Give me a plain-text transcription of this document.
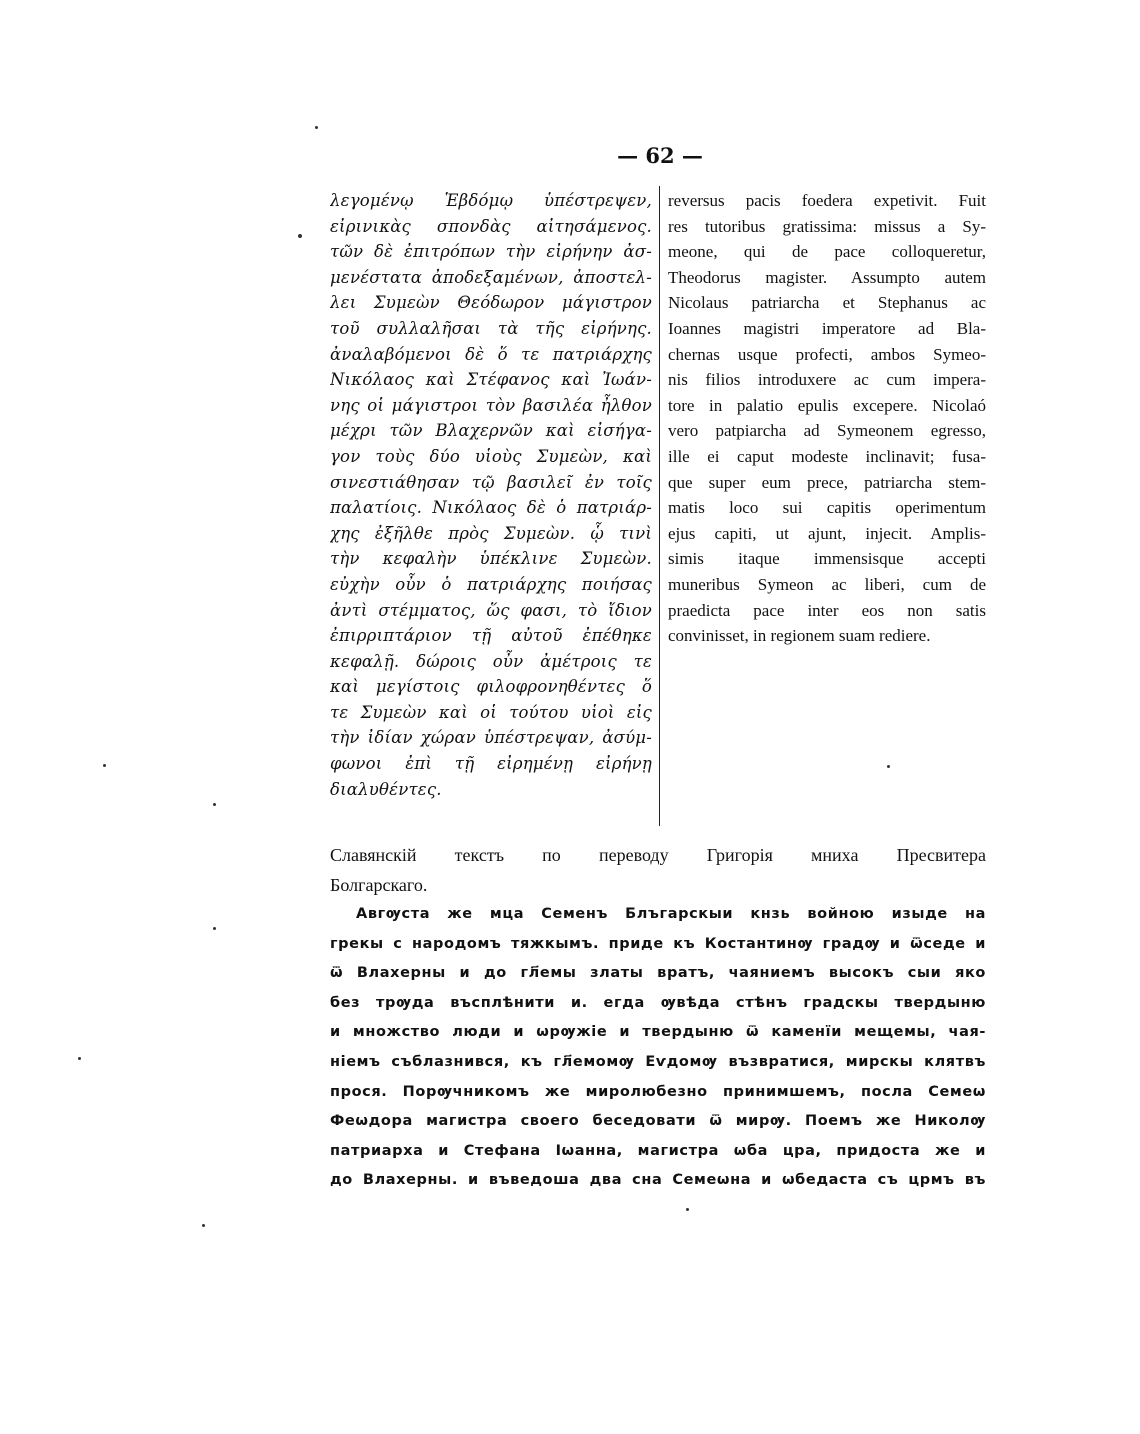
— 62 —
λεγομένῳ Ἑβδόμῳ ὑπέστρεψεν,
εἰρινικὰς σπονδὰς αἰτησάμενος.
τῶν δὲ ἐπιτρόπων τὴν εἰρήνην ἀσ-
μενέστατα ἀποδεξαμένων, ἀποστελ-
λει Συμεὼν Θεόδωρον μάγιστρον
τοῦ συλλαλῆσαι τὰ τῆς εἰρήνης.
ἀναλαβόμενοι δὲ ὅ τε πατριάρχης
Νικόλαος καὶ Στέφανος καὶ Ἰωάν-
νης οἱ μάγιστροι τὸν βασιλέα ἦλθον
μέχρι τῶν Βλαχερνῶν καὶ εἰσήγα-
γον τοὺς δύο υἱοὺς Συμεὼν, καὶ
σινεστιάθησαν τῷ βασιλεῖ ἐν τοῖς
παλατίοις. Νικόλαος δὲ ὁ πατριάρ-
χης ἐξῆλθε πρὸς Συμεὼν. ᾧ τινὶ
τὴν κεφαλὴν ὑπέκλινε Συμεὼν.
εὐχὴν οὖν ὁ πατριάρχης ποιήσας
ἀντὶ στέμματος, ὥς φασι, τὸ ἴδιον
ἐπιρριπτάριον τῇ αὐτοῦ ἐπέθηκε
κεφαλῇ. δώροις οὖν ἀμέτροις τε
καὶ μεγίστοις φιλοφρονηθέντες ὅ
τε Συμεὼν καὶ οἱ τούτου υἱοὶ εἰς
τὴν ἰδίαν χώραν ὑπέστρεψαν, ἀσύμ-
φωνοι ἐπὶ τῇ εἰρημένῃ εἰρήνῃ
διαλυθέντες.
reversus pacis foedera expetivit. Fuit
res tutoribus gratissima: missus a Sy-
meone, qui de pace colloqueretur,
Theodorus magister. Assumpto autem
Nicolaus patriarcha et Stephanus ac
Ioannes magistri imperatore ad Bla-
chernas usque profecti, ambos Symeo-
nis filios introduxere ac cum impera-
tore in palatio epulis excepere. Nicolaó
vero patpiarcha ad Symeonem egresso,
ille ei caput modeste inclinavit; fusa-
que super eum prece, patriarcha stem-
matis loco sui capitis operimentum
ejus capiti, ut ajunt, injecit. Amplis-
simis itaque immensisque accepti
muneribus Symeon ac liberi, cum de
praedicta pace inter eos non satis
convinisset, in regionem suam rediere.
Славянскій текстъ по переводу Григорія мниха Пресвитера
Болгарскаго.
Авгѹста же мца Семенъ Блъгарскыи кнзь войною изыде на
грекы с народомъ тяжкымъ. приде къ Костантинѹ градѹ и ѿседе и
ѿ Влахерны и до гл҃емы златы вратъ, чаяниемъ высокъ сыи яко
без трѹда въсплѣнити и. егда ѹвѣда стѣнъ градскы твердыню
и множство люди и ѡрѹжіе и твердыню ѿ каменїи мещемы, чая-
ніемъ съблазнився, къ гл҃емомѹ Еѵдомѹ възвратися, мирскы клятвъ
прося. Порѹчникомъ же миролюбезно принимшемъ, посла Семеѡ
Феѡдора магистра своего беседовати ѿ мирѹ. Поемъ же Николѹ
патриарха и Стефана Іѡанна, магистра ѡба цра, придоста же и
до Влахерны. и въведоша два сна Семеѡна и ѡбедаста съ црмъ въ
